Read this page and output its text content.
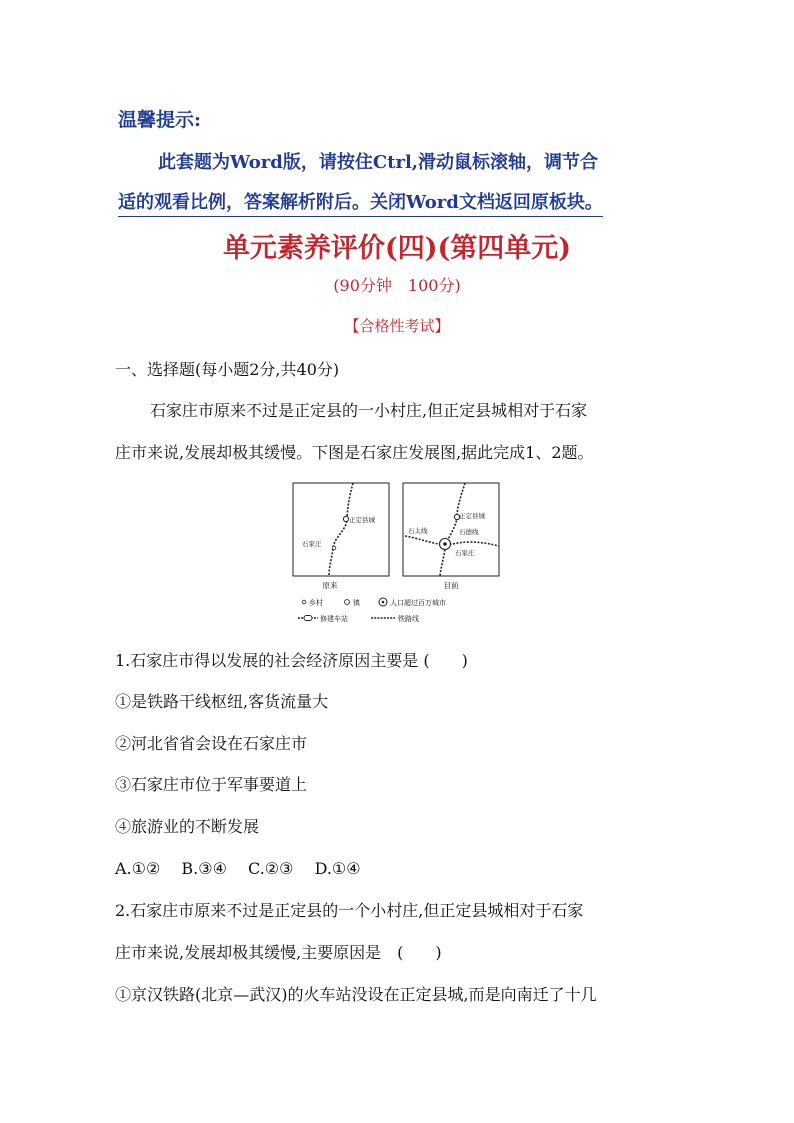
温馨提示:
此套题为Word版，请按住Ctrl,滑动鼠标滚轴，调节合
适的观看比例，答案解析附后。关闭Word文档返回原板块。
单元素养评价(四)(第四单元)
(90分钟　100分)
【合格性考试】
一、选择题(每小题2分,共40分)
石家庄市原来不过是正定县的一小村庄,但正定县城相对于石家
庄市来说,发展却极其缓慢。下图是石家庄发展图,据此完成1、2题。
正定县城
石家庄
原来
正定县城
石太线	石德线
石家庄
目前
乡村	镇	人口超过百万城市
修建车站	铁路线
1.石家庄市得以发展的社会经济原因主要是 (　　)
①是铁路干线枢纽,客货流量大
②河北省省会设在石家庄市
③石家庄市位于军事要道上
④旅游业的不断发展
A.①②　 B.③④　 C.②③　 D.①④
2.石家庄市原来不过是正定县的一个小村庄,但正定县城相对于石家
庄市来说,发展却极其缓慢,主要原因是　(　　)
①京汉铁路(北京—武汉)的火车站没设在正定县城,而是向南迁了十几
